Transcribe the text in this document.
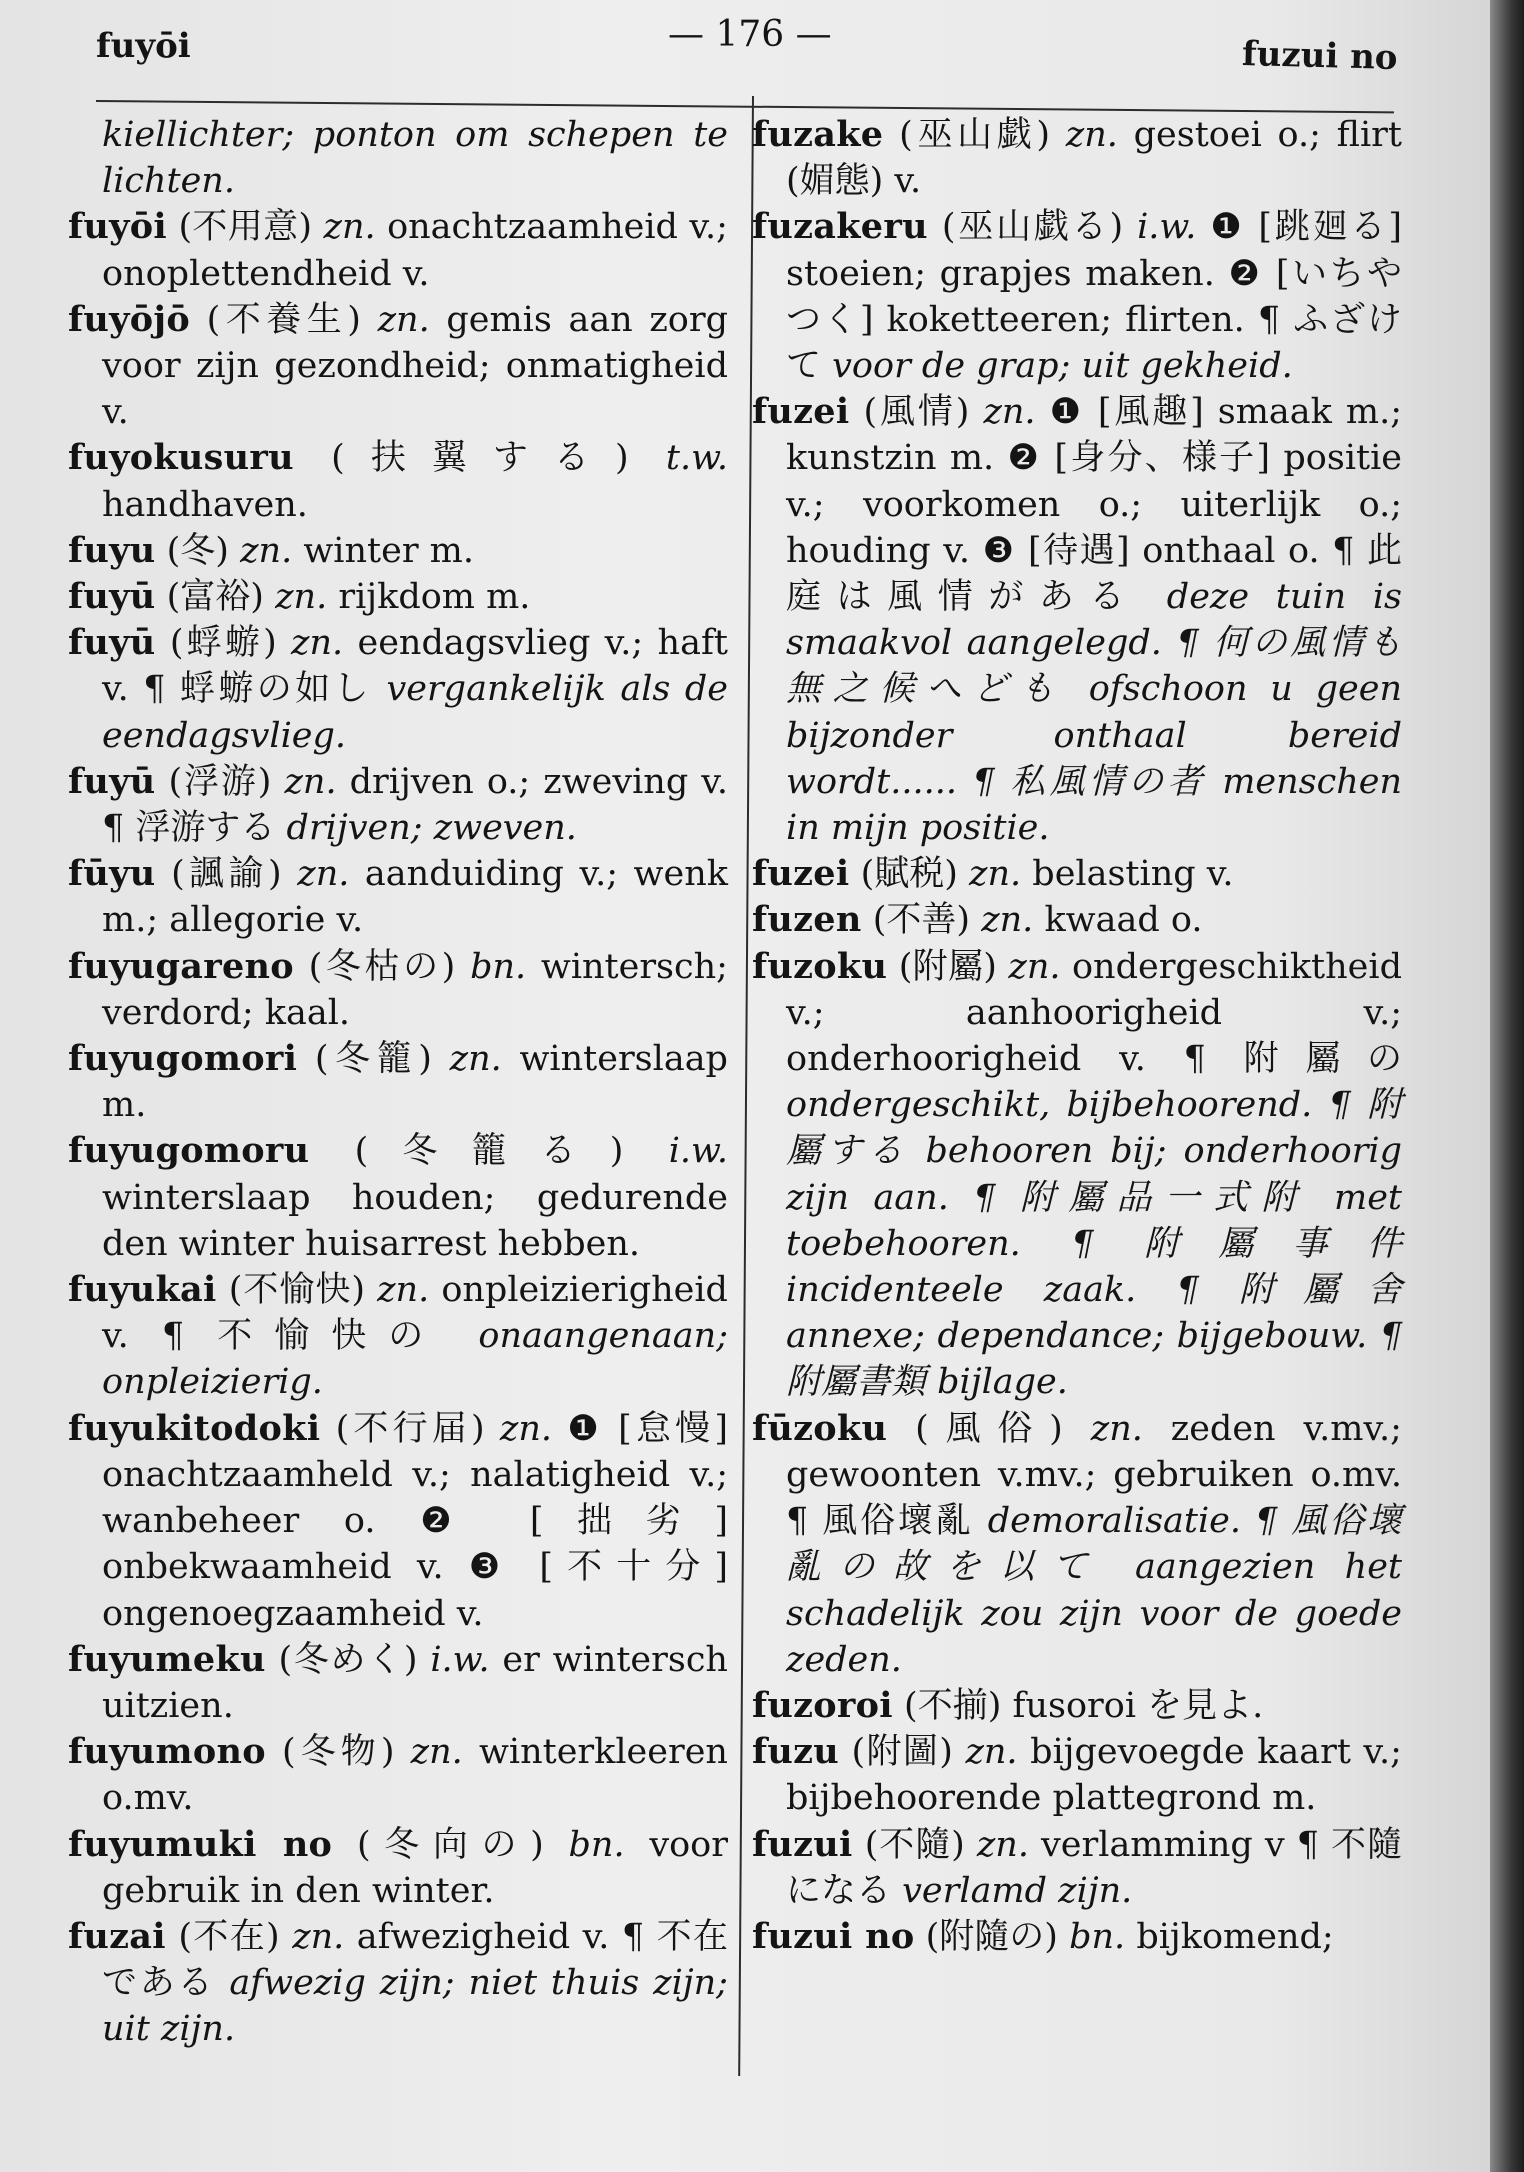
fuyōi	— 176 —	fuzui no

kiellichter; ponton om schepen te lichten.

fuyōi (不用意) zn. onachtzaamheid v.; onoplettendheid v.

fuyōjō (不養生) zn. gemis aan zorg voor zijn gezondheid; onmatigheid v.

fuyokusuru (扶翼する) t.w. handhaven.

fuyu (冬) zn. winter m.

fuyū (富裕) zn. rijkdom m.

fuyū (蜉蝣) zn. eendagsvlieg v.; haft v. ¶ 蜉蝣の如し vergankelijk als de eendagsvlieg.

fuyū (浮游) zn. drijven o.; zweving v. ¶ 浮游する drijven; zweven.

fūyu (諷諭) zn. aanduiding v.; wenk m.; allegorie v.

fuyugareno (冬枯の) bn. wintersch; verdord; kaal.

fuyugomori (冬籠) zn. winterslaap m.

fuyugomoru (冬籠る) i.w. winterslaap houden; gedurende den winter huisarrest hebben.

fuyukai (不愉快) zn. onpleizierigheid v. ¶ 不愉快の onaangenaan; onpleizierig.

fuyukitodoki (不行届) zn. ❶ [怠慢] onachtzaamheld v.; nalatigheid v.; wanbeheer o. ❷ [拙劣] onbekwaamheid v. ❸ [不十分] ongenoegzaamheid v.

fuyumeku (冬めく) i.w. er wintersch uitzien.

fuyumono (冬物) zn. winterkleeren o.mv.

fuyumuki no (冬向の) bn. voor gebruik in den winter.

fuzai (不在) zn. afwezigheid v. ¶ 不在である afwezig zijn; niet thuis zijn; uit zijn.

fuzake (巫山戯) zn. gestoei o.; flirt (媚態) v.

fuzakeru (巫山戯る) i.w. ❶ [跳廻る] stoeien; grapjes maken. ❷ [いちやつく] koketteeren; flirten. ¶ ふざけて voor de grap; uit gekheid.

fuzei (風情) zn. ❶ [風趣] smaak m.; kunstzin m. ❷ [身分、様子] positie v.; voorkomen o.; uiterlijk o.; houding v. ❸ [待遇] onthaal o. ¶ 此庭は風情がある deze tuin is smaakvol aangelegd. ¶ 何の風情も無之候へども ofschoon u geen bijzonder onthaal bereid wordt...... ¶ 私風情の者 menschen in mijn positie.

fuzei (賦税) zn. belasting v.

fuzen (不善) zn. kwaad o.

fuzoku (附屬) zn. ondergeschiktheid v.; aanhoorigheid v.; onderhoorigheid v. ¶ 附屬の ondergeschikt, bijbehoorend. ¶ 附屬する behooren bij; onderhoorig zijn aan. ¶ 附屬品一式附 met toebehooren. ¶ 附屬事件 incidenteele zaak. ¶ 附屬舍 annexe; dependance; bijgebouw. ¶ 附屬書類 bijlage.

fūzoku (風俗) zn. zeden v.mv.; gewoonten v.mv.; gebruiken o.mv. ¶ 風俗壞亂 demoralisatie. ¶ 風俗壞亂の故を以て aangezien het schadelijk zou zijn voor de goede zeden.

fuzoroi (不揃) fusoroi を見よ.

fuzu (附圖) zn. bijgevoegde kaart v.; bijbehoorende plattegrond m.

fuzui (不隨) zn. verlamming v ¶ 不隨になる verlamd zijn.

fuzui no (附隨の) bn. bijkomend;
